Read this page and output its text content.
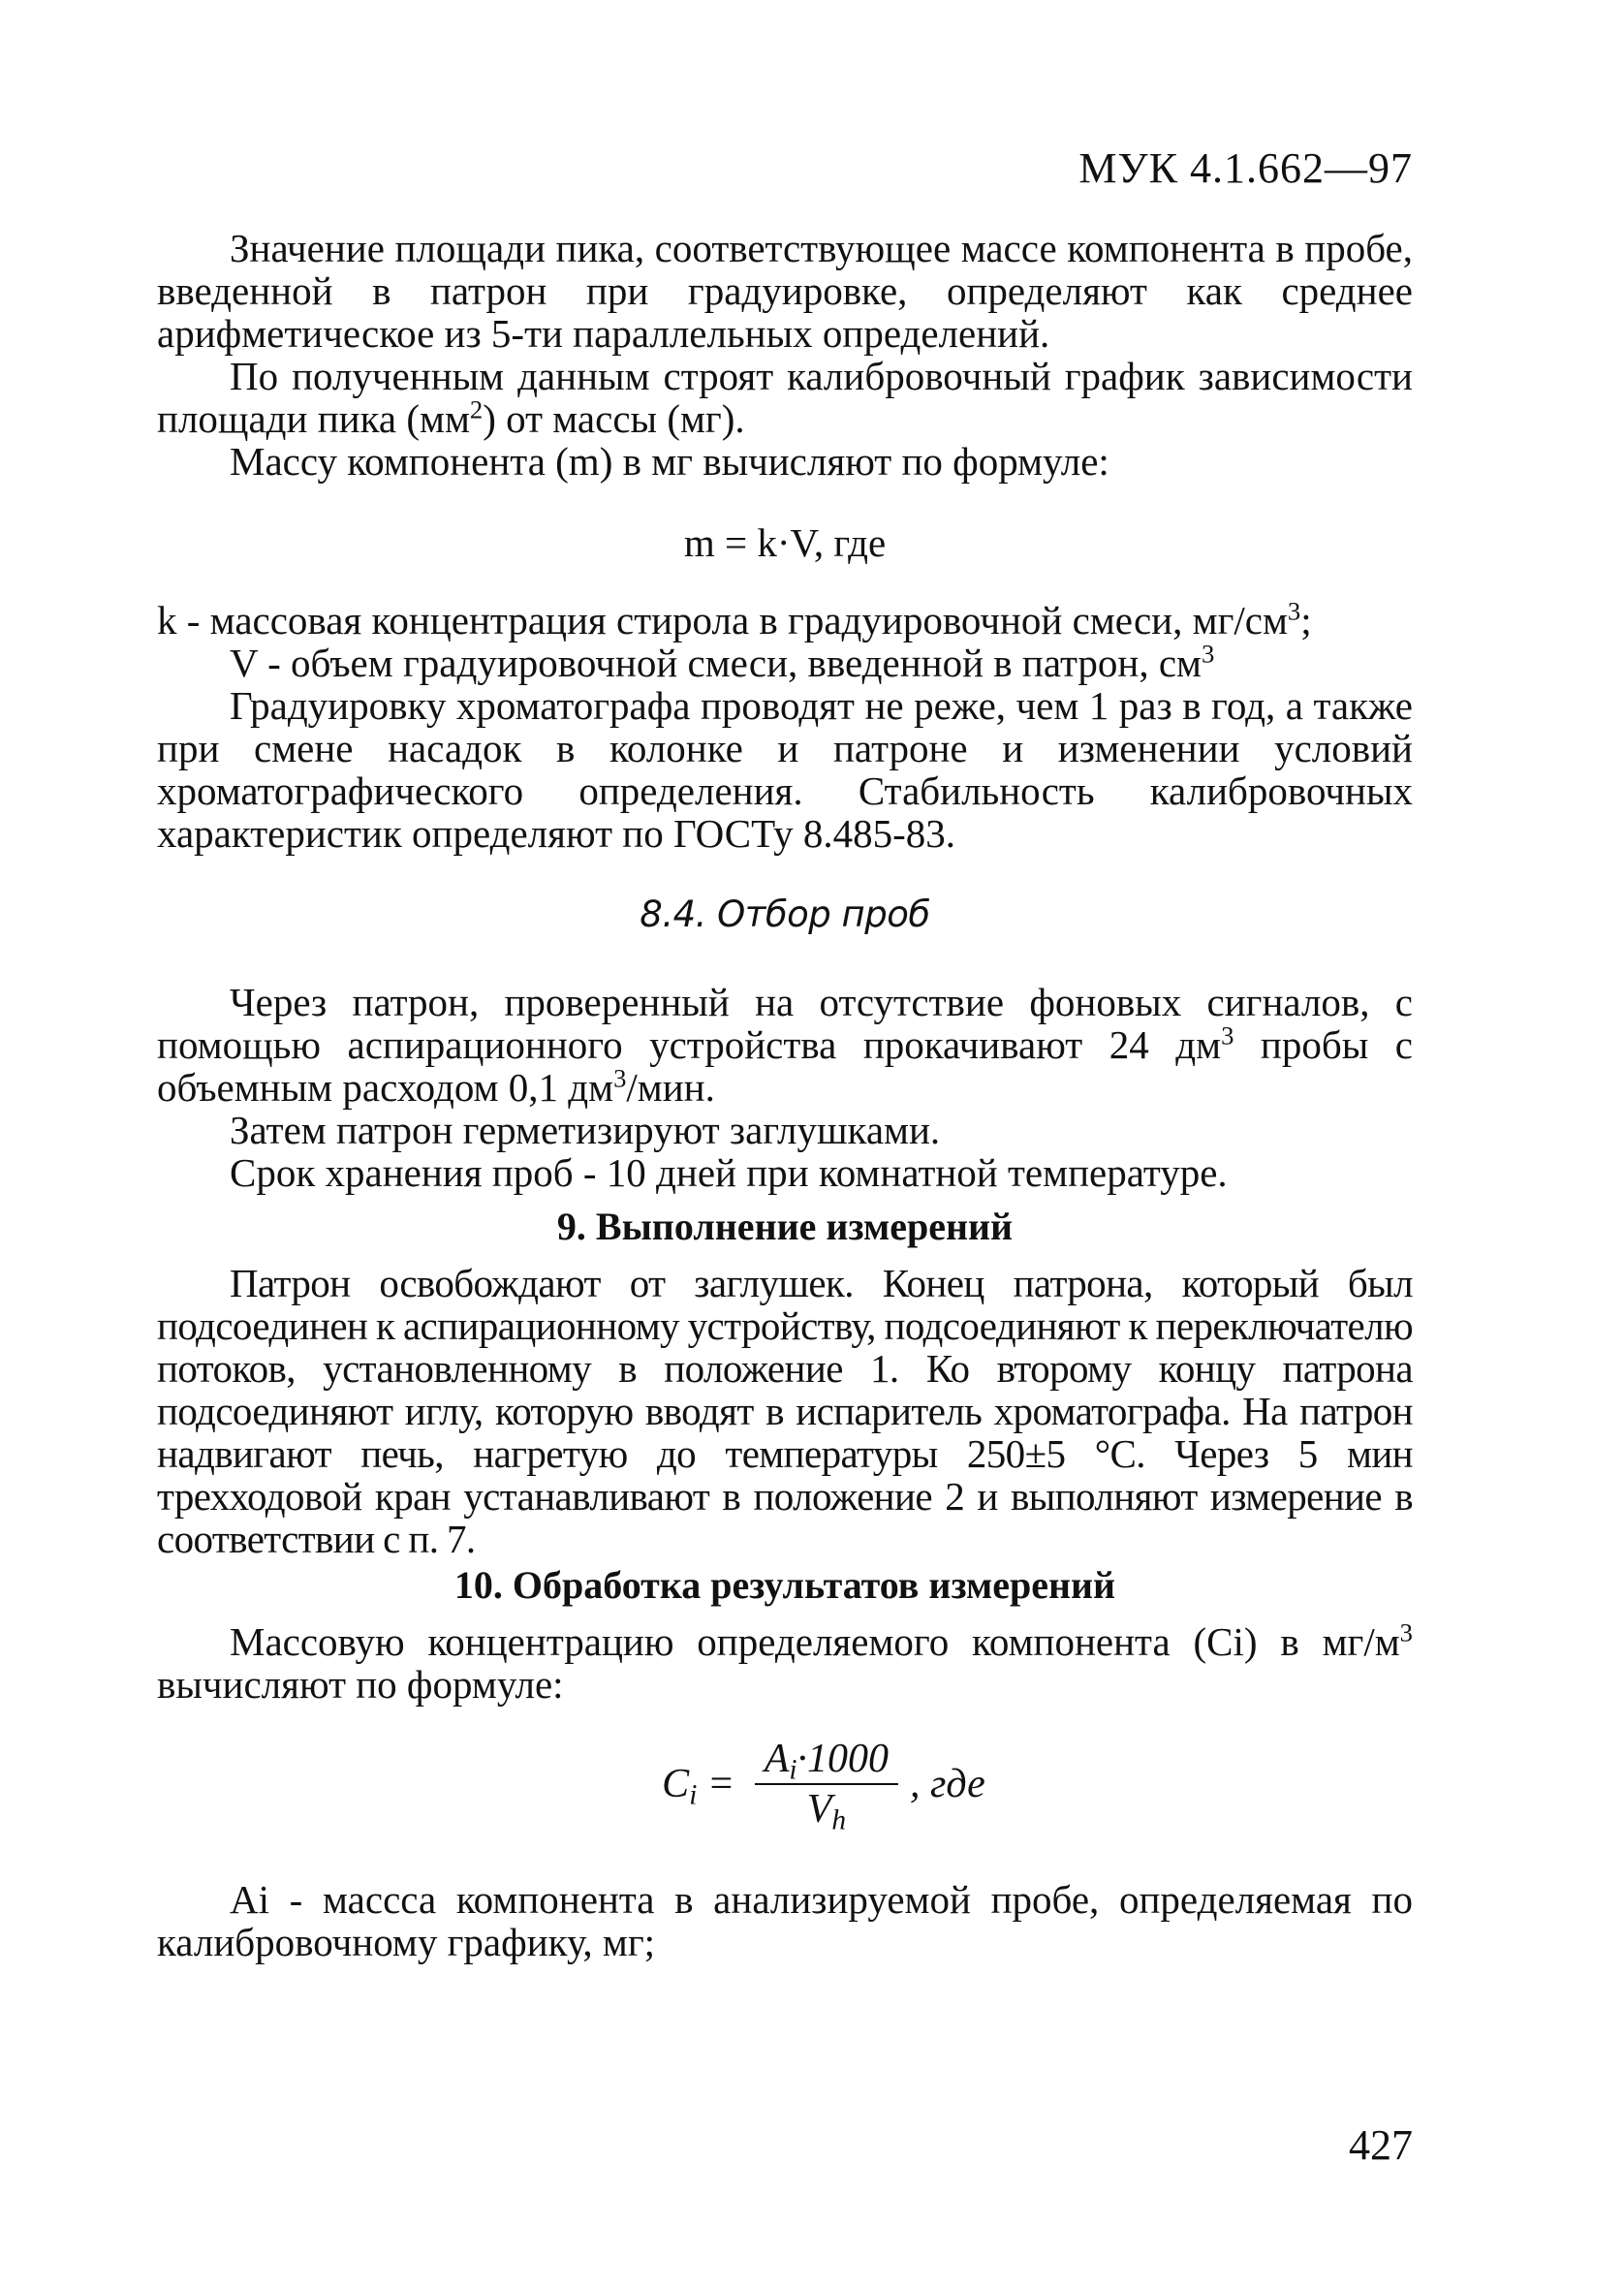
МУК 4.1.662—97

Значение площади пика, соответствующее массе компонента в пробе, введенной в патрон при градуировке, определяют как среднее арифметическое из 5-ти параллельных определений.

По полученным данным строят калибровочный график зависимости площади пика $(мм^2)$ от массы (мг).

Массу компонента (m) в мг вычисляют по формуле:

m = k·V, где

k - массовая концентрация стирола в градуировочной смеси, $мг/см^3$;

V - объем градуировочной смеси, введенной в патрон, $см^3$

Градуировку хроматографа проводят не реже, чем 1 раз в год, а также при смене насадок в колонке и патроне и изменении условий хроматографического определения. Стабильность калибровочных характеристик определяют по ГОСТу 8.485-83.

8.4. Отбор проб

Через патрон, проверенный на отсутствие фоновых сигналов, с помощью аспирационного устройства прокачивают 24 $дм^3$ пробы с объемным расходом 0,1 $дм^3$/мин.

Затем патрон герметизируют заглушками.

Срок хранения проб - 10 дней при комнатной температуре.

9. Выполнение измерений

Патрон освобождают от заглушек. Конец патрона, который был подсоединен к аспирационному устройству, подсоединяют к переключателю потоков, установленному в положение 1. Ко второму концу патрона подсоединяют иглу, которую вводят в испаритель хроматографа. На патрон надвигают печь, нагретую до температуры 250±5 °С. Через 5 мин трехходовой кран устанавливают в положение 2 и выполняют измерение в соответствии с п. 7.

10. Обработка результатов измерений

Массовую концентрацию определяемого компонента (Ci) в $мг/м^3$ вычисляют по формуле:

$C_i = \frac{A_i\cdot 1000}{V_h}$ , где

Ai - массса компонента в анализируемой пробе, определяемая по калибровочному графику, мг;

427
